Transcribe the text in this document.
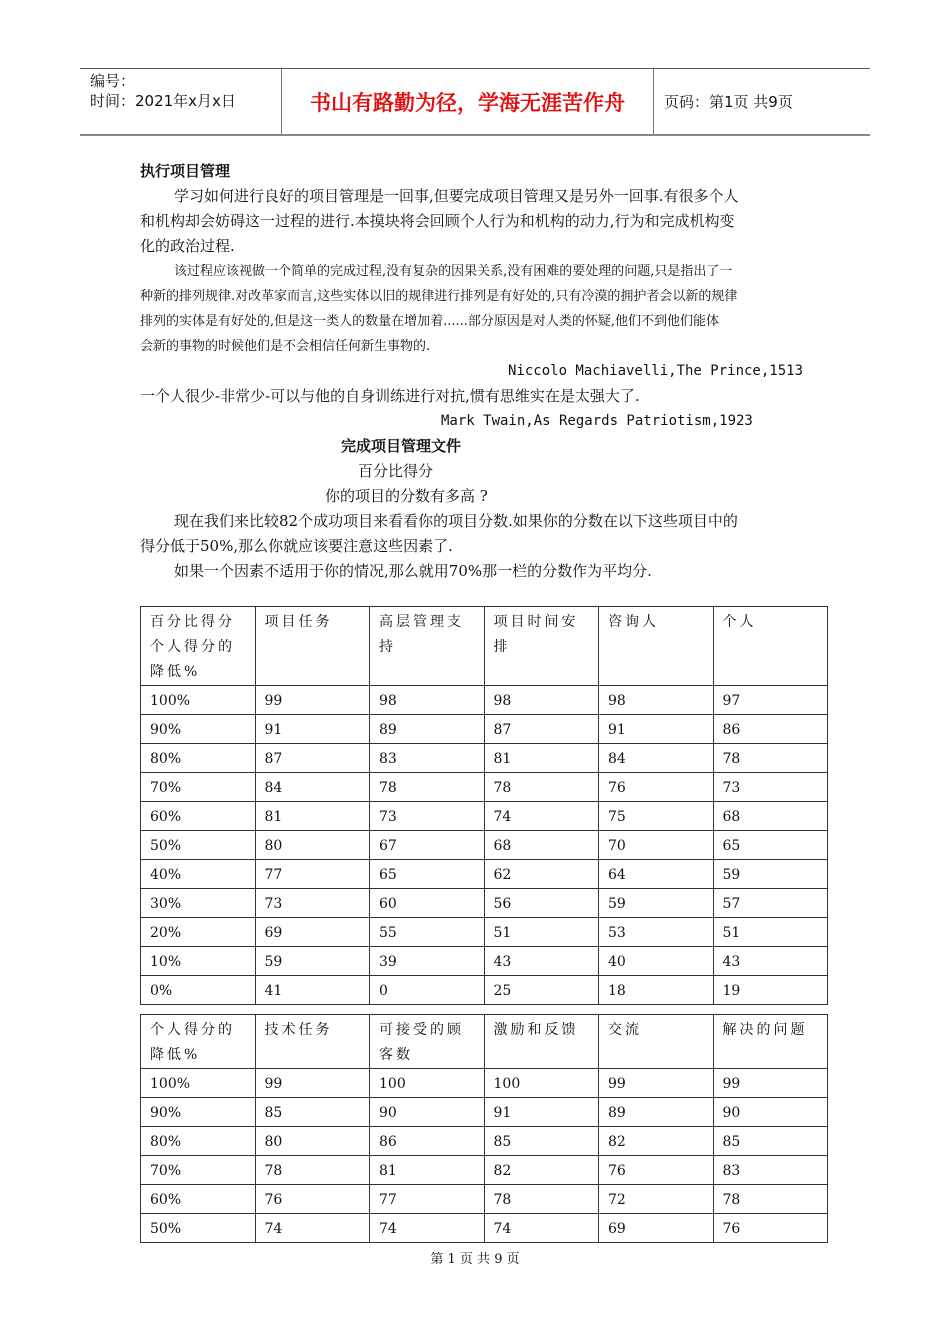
编号：
时间：2021年x月x日	书山有路勤为径，学海无涯苦作舟	页码：第1页 共9页
执行项目管理
学习如何进行良好的项目管理是一回事,但要完成项目管理又是另外一回事.有很多个人
和机构却会妨碍这一过程的进行.本摸块将会回顾个人行为和机构的动力,行为和完成机构变
化的政治过程.
该过程应该视做一个简单的完成过程,没有复杂的因果关系,没有困难的要处理的问题,只是指出了一
种新的排列规律.对改革家而言,这些实体以旧的规律进行排列是有好处的,只有冷漠的拥护者会以新的规律
排列的实体是有好处的,但是这一类人的数量在增加着......部分原因是对人类的怀疑,他们不到他们能体
会新的事物的时候他们是不会相信任何新生事物的.
Niccolo Machiavelli,The Prince,1513
一个人很少-非常少-可以与他的自身训练进行对抗,惯有思维实在是太强大了.
Mark Twain,As Regards Patriotism,1923
完成项目管理文件
百分比得分
你的项目的分数有多高 ?
现在我们来比较82个成功项目来看看你的项目分数.如果你的分数在以下这些项目中的
得分低于50%,那么你就应该要注意这些因素了.
如果一个因素不适用于你的情况,那么就用70%那一栏的分数作为平均分.
百分比得分个人得分的降低%	项目任务	高层管理支持	项目时间安排	咨询人	个人
100%	99	98	98	98	97
90%	91	89	87	91	86
80%	87	83	81	84	78
70%	84	78	78	76	73
60%	81	73	74	75	68
50%	80	67	68	70	65
40%	77	65	62	64	59
30%	73	60	56	59	57
20%	69	55	51	53	51
10%	59	39	43	40	43
0%	41	0	25	18	19
个人得分的降低%	技术任务	可接受的顾客数	激励和反馈	交流	解决的问题
100%	99	100	100	99	99
90%	85	90	91	89	90
80%	80	86	85	82	85
70%	78	81	82	76	83
60%	76	77	78	72	78
50%	74	74	74	69	76
第 1 页 共 9 页
